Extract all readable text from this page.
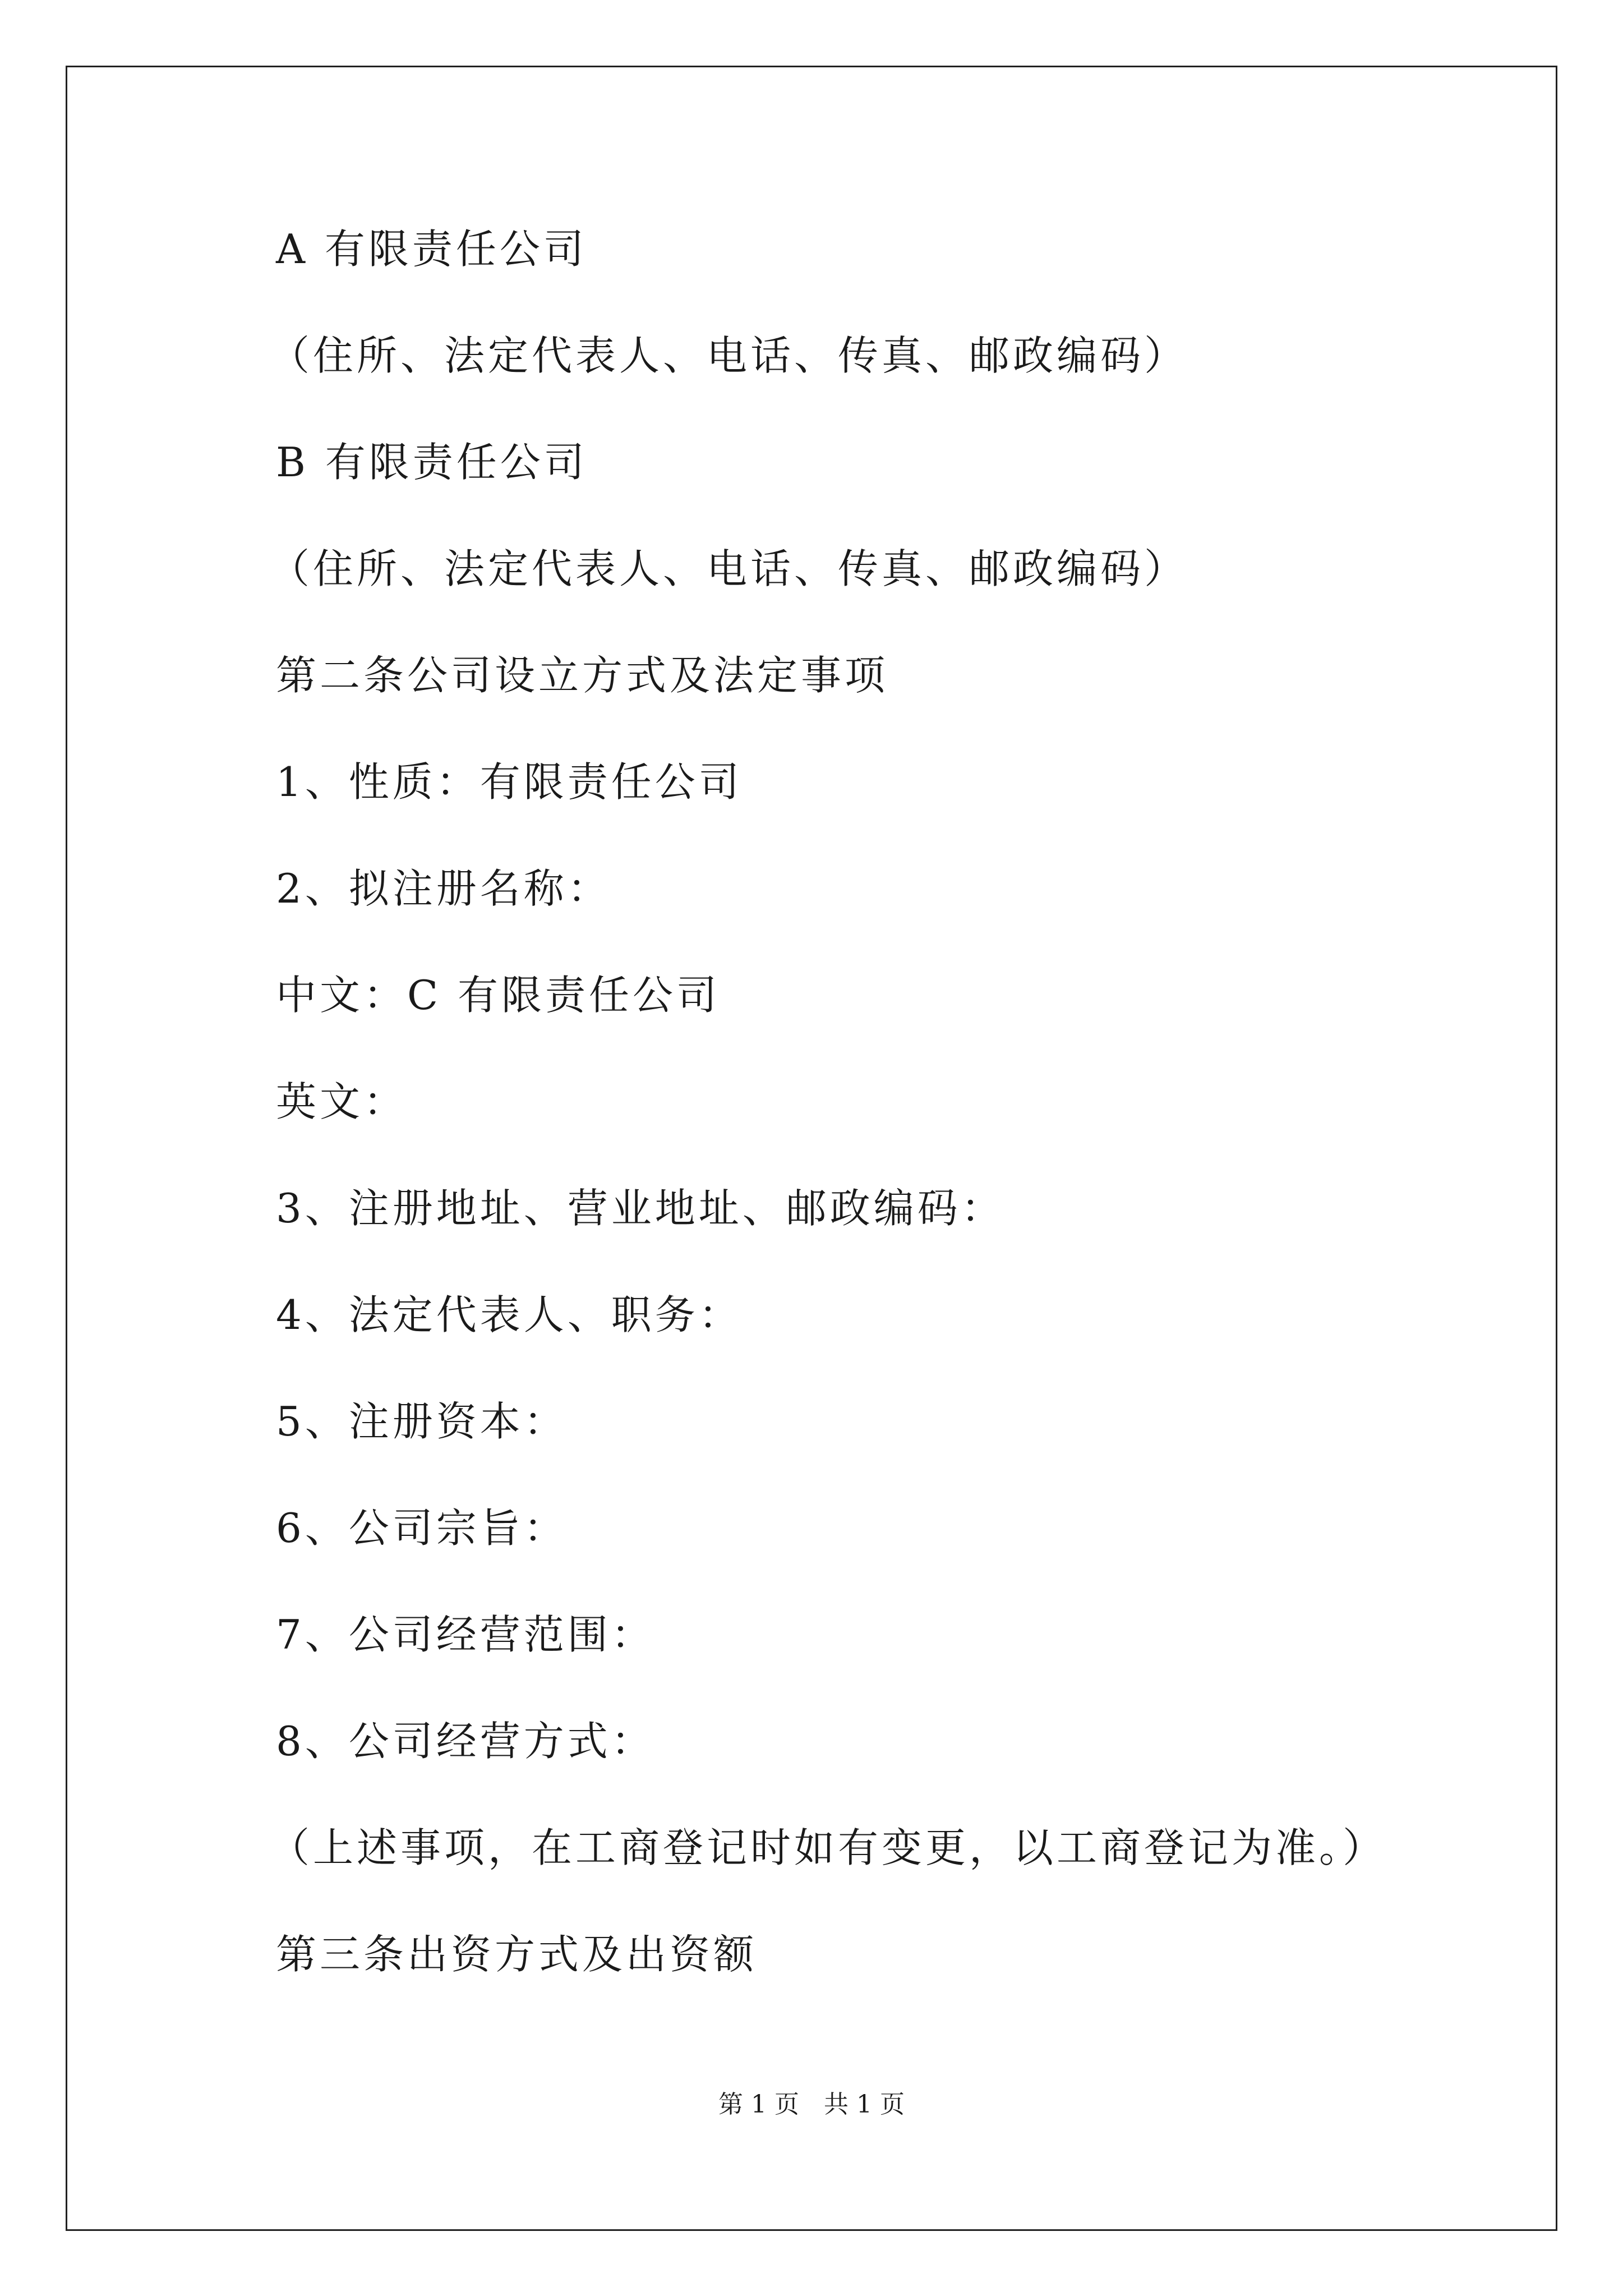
A 有限责任公司
（住所、法定代表人、电话、传真、邮政编码）
B 有限责任公司
（住所、法定代表人、电话、传真、邮政编码）
第二条公司设立方式及法定事项
1、性质：有限责任公司
2、拟注册名称：
中文：C 有限责任公司
英文：
3、注册地址、营业地址、邮政编码：
4、法定代表人、职务：
5、注册资本：
6、公司宗旨：
7、公司经营范围：
8、公司经营方式：
（上述事项，在工商登记时如有变更，以工商登记为准。）
第三条出资方式及出资额
第 1 页　共 1 页
